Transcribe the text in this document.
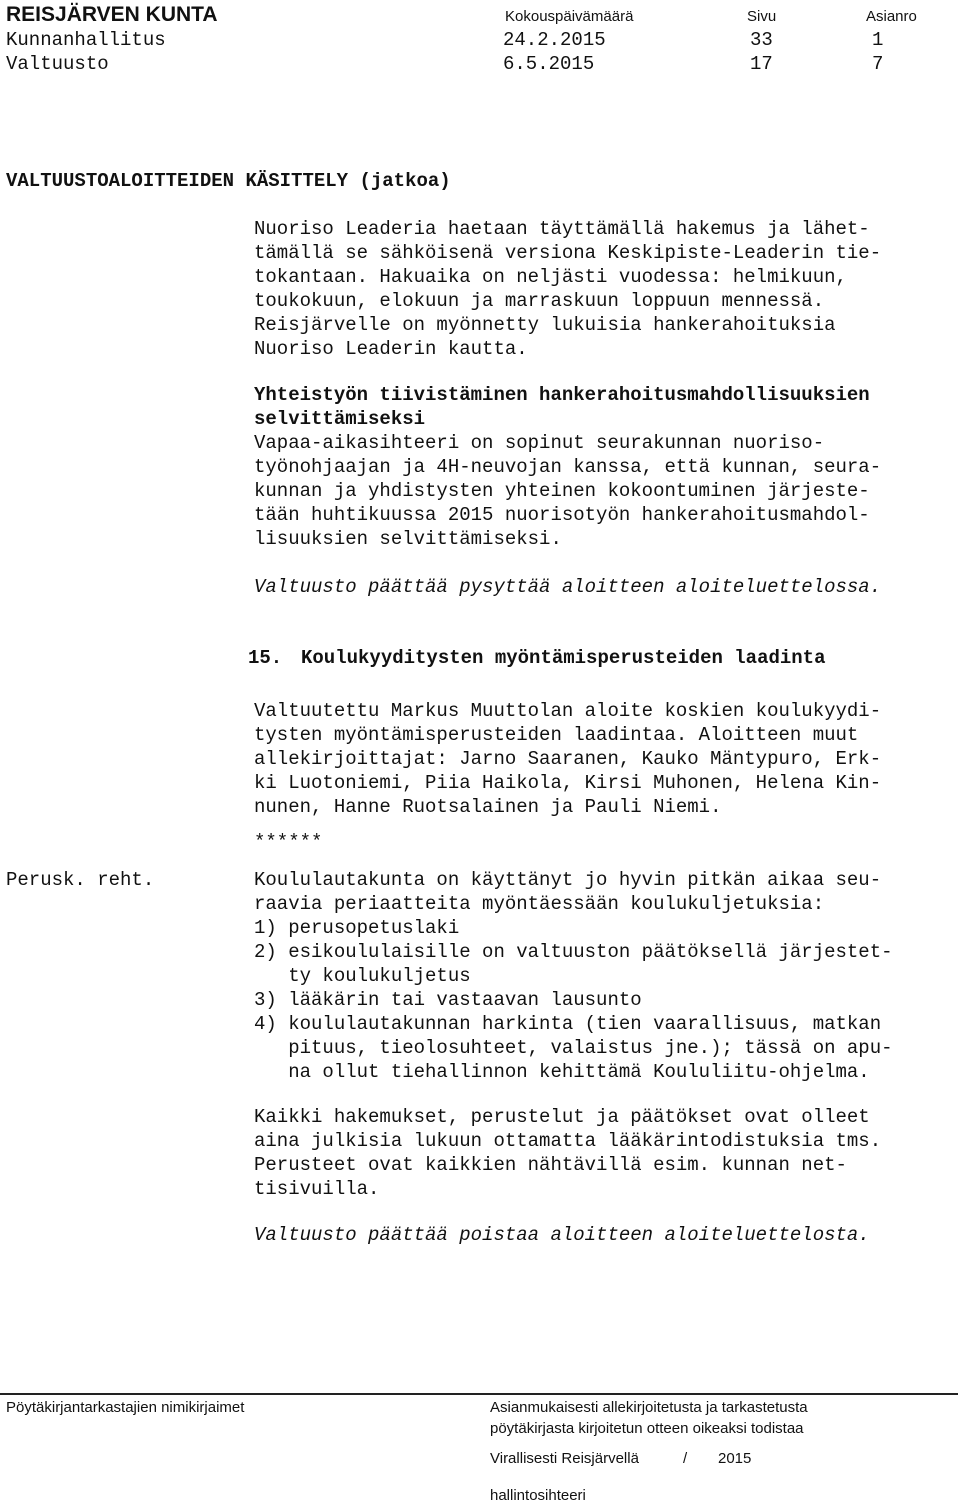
REISJÄRVEN KUNTA	Kokouspäivämäärä	Sivu	Asianro
Kunnanhallitus	24.2.2015	33	1
Valtuusto	6.5.2015	17	7
VALTUUSTOALOITTEIDEN KÄSITTELY (jatkoa)
Nuoriso Leaderia haetaan täyttämällä hakemus ja lähet-
tämällä se sähköisenä versiona Keskipiste-Leaderin tie-
tokantaan. Hakuaika on neljästi vuodessa: helmikuun,
toukokuun, elokuun ja marraskuun loppuun mennessä.
Reisjärvelle on myönnetty lukuisia hankerahoituksia
Nuoriso Leaderin kautta.
Yhteistyön tiivistäminen hankerahoitusmahdollisuuksien
selvittämiseksi
Vapaa-aikasihteeri on sopinut seurakunnan nuoriso-
työnohjaajan ja 4H-neuvojan kanssa, että kunnan, seura-
kunnan ja yhdistysten yhteinen kokoontuminen järjeste-
tään huhtikuussa 2015 nuorisotyön hankerahoitusmahdol-
lisuuksien selvittämiseksi.
Valtuusto päättää pysyttää aloitteen aloiteluettelossa.
15. Koulukyyditysten myöntämisperusteiden laadinta
Valtuutettu Markus Muuttolan aloite koskien koulukyydi-
tysten myöntämisperusteiden laadintaa. Aloitteen muut
allekirjoittajat: Jarno Saaranen, Kauko Mäntypuro, Erk-
ki Luotoniemi, Piia Haikola, Kirsi Muhonen, Helena Kin-
nunen, Hanne Ruotsalainen ja Pauli Niemi.
******
Perusk. reht.	Koululautakunta on käyttänyt jo hyvin pitkän aikaa seu-
raavia periaatteita myöntäessään koulukuljetuksia:
1) perusopetuslaki
2) esikoululaisille on valtuuston päätöksellä järjestet-
ty koulukuljetus
3) lääkärin tai vastaavan lausunto
4) koululautakunnan harkinta (tien vaarallisuus, matkan
pituus, tieolosuhteet, valaistus jne.); tässä on apu-
na ollut tiehallinnon kehittämä Koululiitu-ohjelma.
Kaikki hakemukset, perustelut ja päätökset ovat olleet
aina julkisia lukuun ottamatta lääkärintodistuksia tms.
Perusteet ovat kaikkien nähtävillä esim. kunnan net-
tisivuilla.
Valtuusto päättää poistaa aloitteen aloiteluettelosta.
Pöytäkirjantarkastajien nimikirjaimet	Asianmukaisesti allekirjoitetusta ja tarkastetusta
pöytäkirjasta kirjoitetun otteen oikeaksi todistaa
Virallisesti Reisjärvellä	/ 2015
hallintosihteeri
